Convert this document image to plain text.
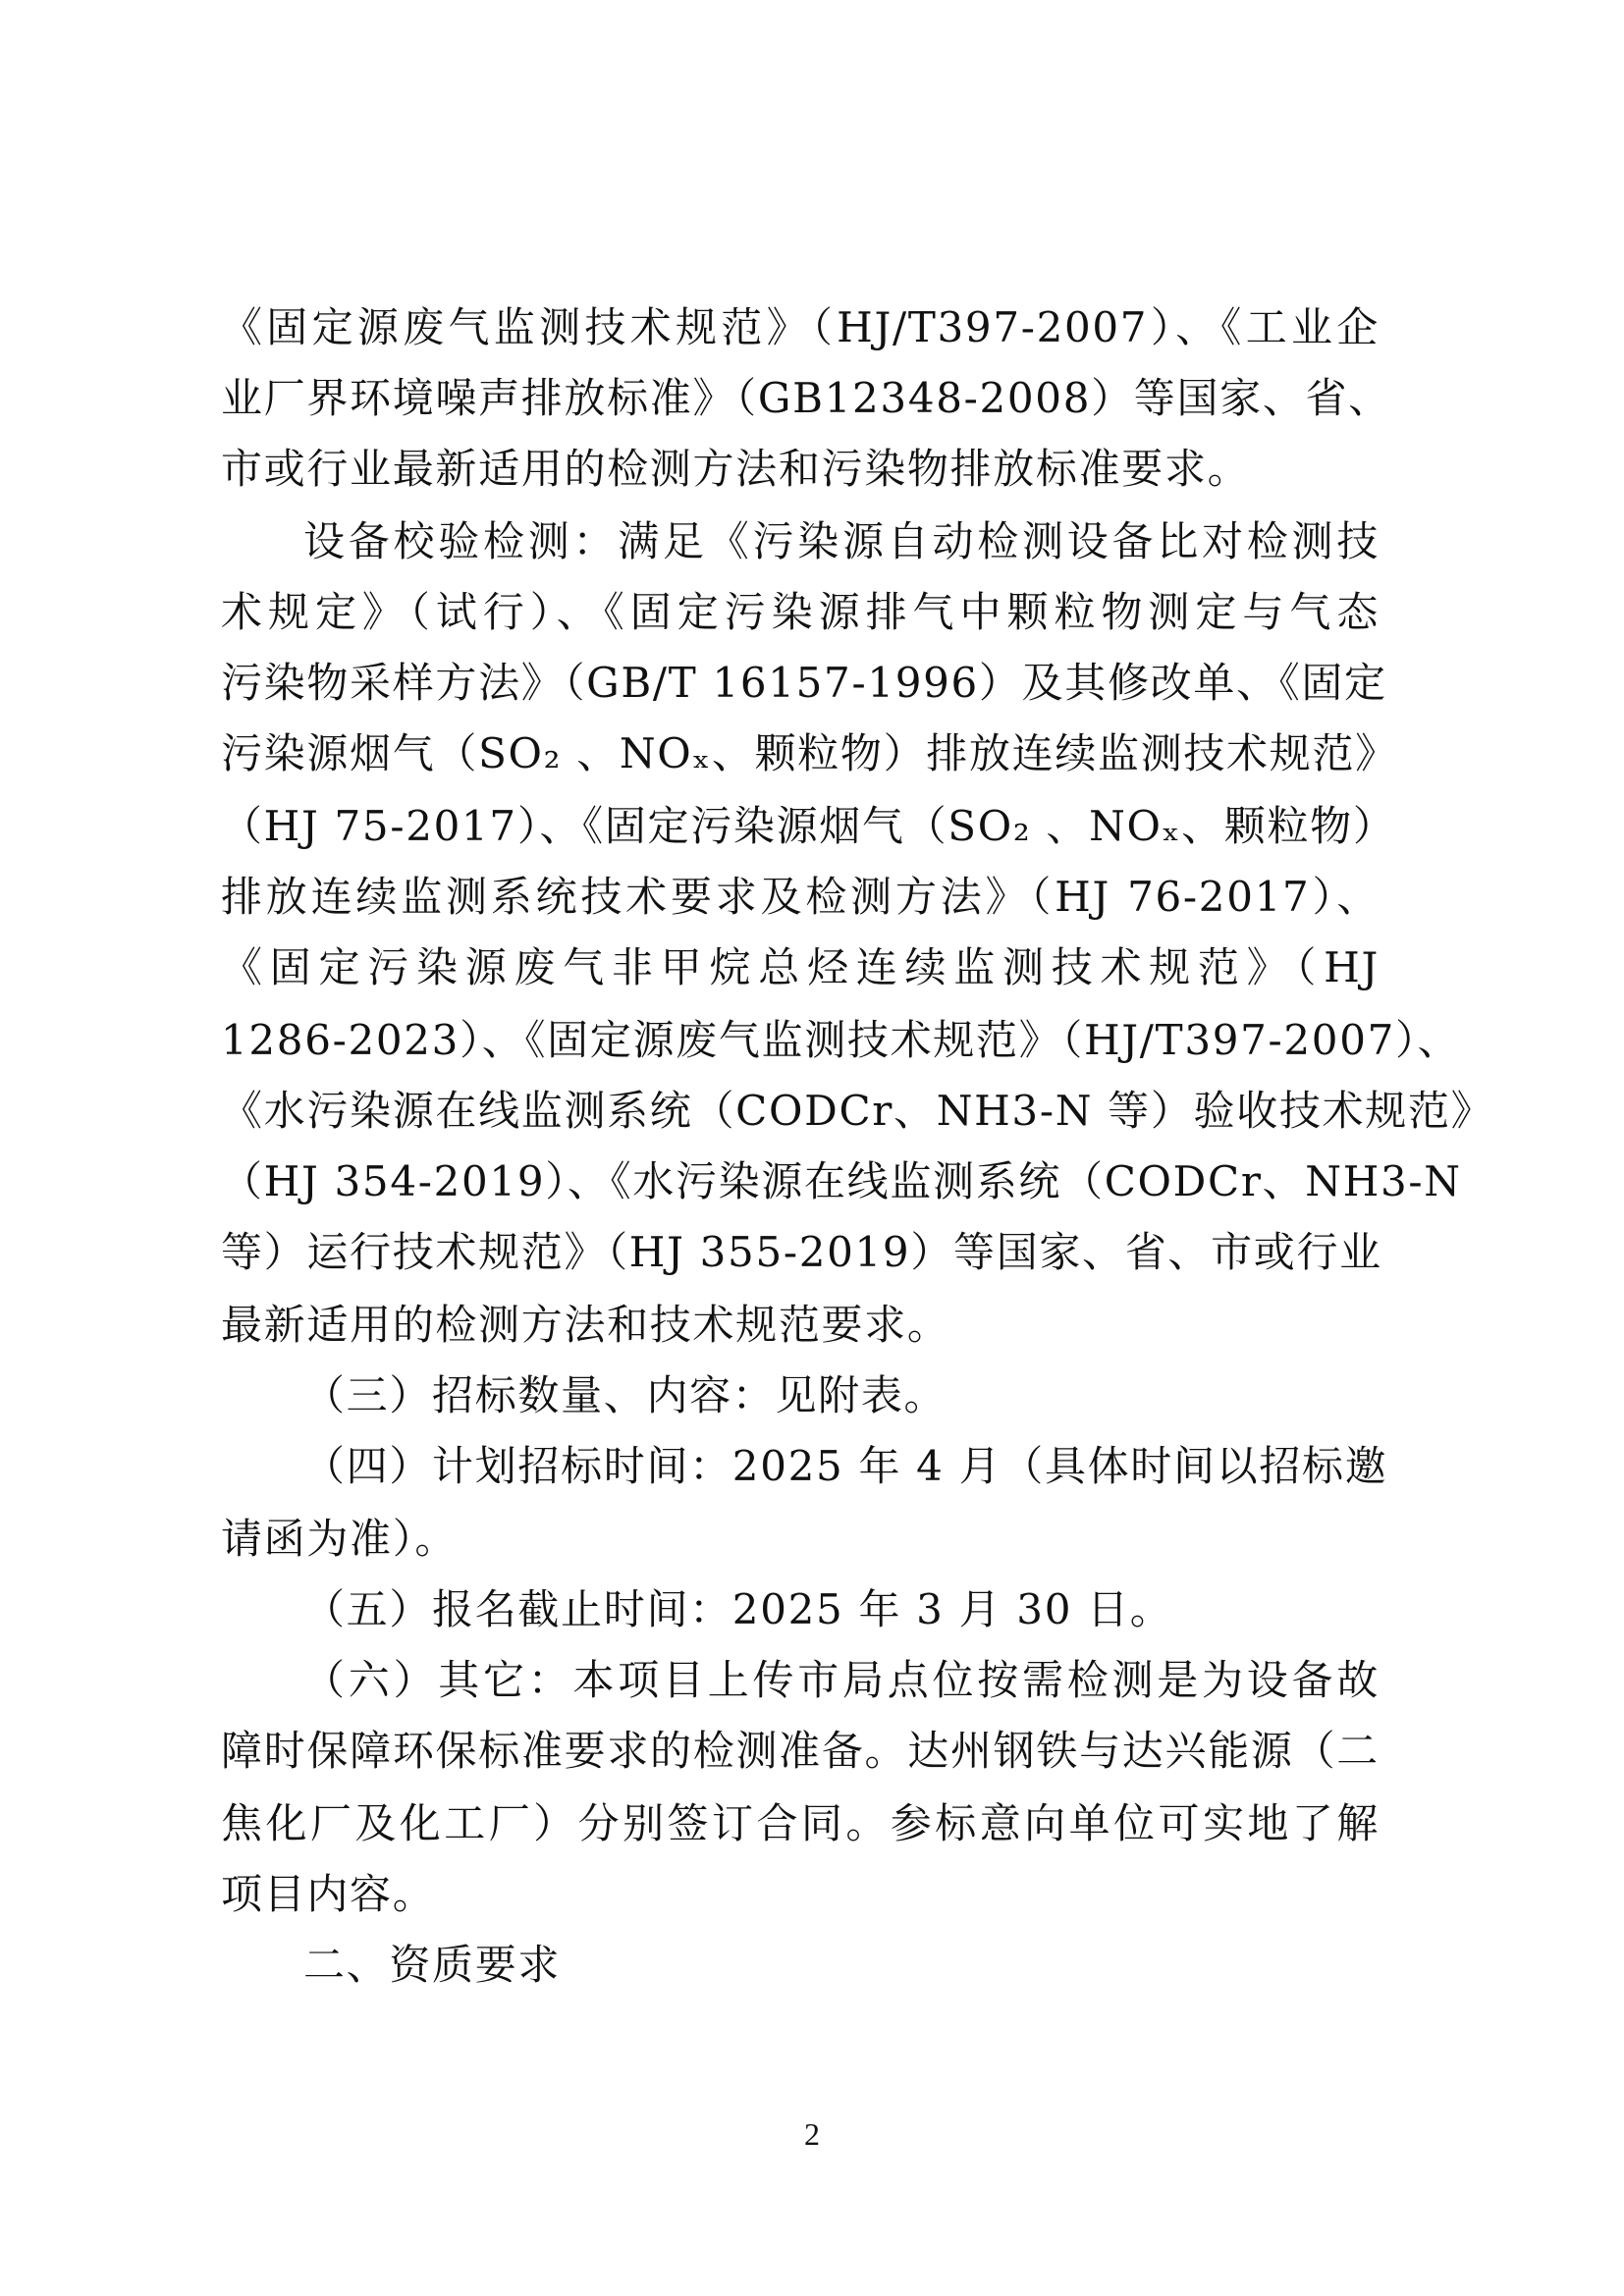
《固定源废气监测技术规范》（HJ/T397-2007）、《工业企
业厂界环境噪声排放标准》（GB12348-2008）等国家、省、
市或行业最新适用的检测方法和污染物排放标准要求。
设备校验检测：满足《污染源自动检测设备比对检测技
术规定》（试行）、《固定污染源排气中颗粒物测定与气态
污染物采样方法》（GB/T 16157-1996）及其修改单、《固定
污染源烟气（SO₂ 、NOₓ、颗粒物）排放连续监测技术规范》
（HJ 75-2017）、《固定污染源烟气（SO₂ 、NOₓ、颗粒物）
排放连续监测系统技术要求及检测方法》（HJ 76-2017）、
《固定污染源废气非甲烷总烃连续监测技术规范》（HJ
1286-2023）、《固定源废气监测技术规范》（HJ/T397-2007）、
《水污染源在线监测系统（CODCr、NH3-N 等）验收技术规范》
（HJ 354-2019）、《水污染源在线监测系统（CODCr、NH3-N
等）运行技术规范》（HJ 355-2019）等国家、省、市或行业
最新适用的检测方法和技术规范要求。
（三）招标数量、内容：见附表。
（四）计划招标时间：2025 年 4 月（具体时间以招标邀
请函为准）。
（五）报名截止时间：2025 年 3 月 30 日。
（六）其它：本项目上传市局点位按需检测是为设备故
障时保障环保标准要求的检测准备。达州钢铁与达兴能源（二
焦化厂及化工厂）分别签订合同。参标意向单位可实地了解
项目内容。
二、资质要求
2
